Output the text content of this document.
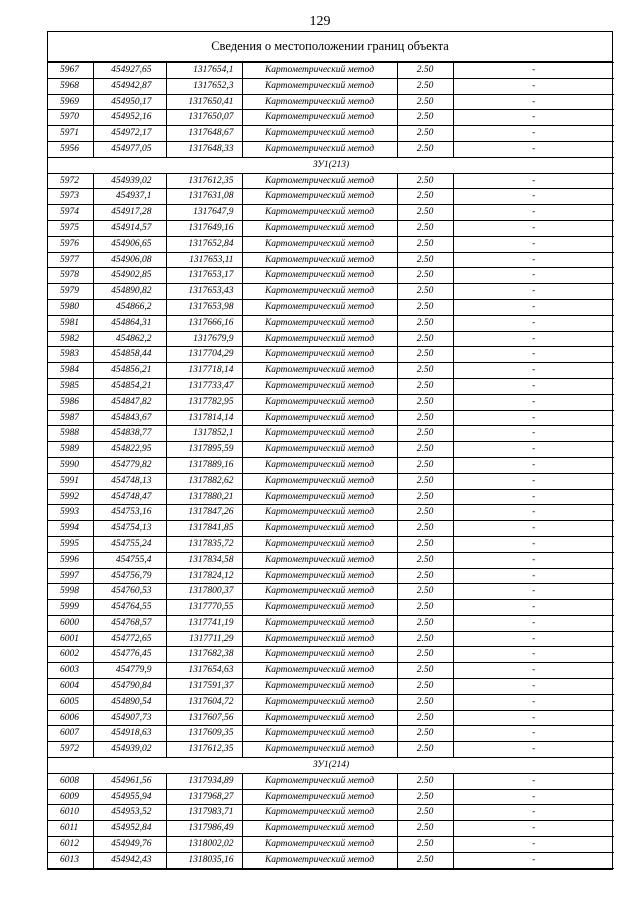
129
Сведения о местоположении границ объекта
5967	454927,65	1317654,1	Картометрический метод	2.50	-
5968	454942,87	1317652,3	Картометрический метод	2.50	-
5969	454950,17	1317650,41	Картометрический метод	2.50	-
5970	454952,16	1317650,07	Картометрический метод	2.50	-
5971	454972,17	1317648,67	Картометрический метод	2.50	-
5956	454977,05	1317648,33	Картометрический метод	2.50	-
ЗУ1(213)					
5972	454939,02	1317612,35	Картометрический метод	2.50	-
5973	454937,1	1317631,08	Картометрический метод	2.50	-
5974	454917,28	1317647,9	Картометрический метод	2.50	-
5975	454914,57	1317649,16	Картометрический метод	2.50	-
5976	454906,65	1317652,84	Картометрический метод	2.50	-
5977	454906,08	1317653,11	Картометрический метод	2.50	-
5978	454902,85	1317653,17	Картометрический метод	2.50	-
5979	454890,82	1317653,43	Картометрический метод	2.50	-
5980	454866,2	1317653,98	Картометрический метод	2.50	-
5981	454864,31	1317666,16	Картометрический метод	2.50	-
5982	454862,2	1317679,9	Картометрический метод	2.50	-
5983	454858,44	1317704,29	Картометрический метод	2.50	-
5984	454856,21	1317718,14	Картометрический метод	2.50	-
5985	454854,21	1317733,47	Картометрический метод	2.50	-
5986	454847,82	1317782,95	Картометрический метод	2.50	-
5987	454843,67	1317814,14	Картометрический метод	2.50	-
5988	454838,77	1317852,1	Картометрический метод	2.50	-
5989	454822,95	1317895,59	Картометрический метод	2.50	-
5990	454779,82	1317889,16	Картометрический метод	2.50	-
5991	454748,13	1317882,62	Картометрический метод	2.50	-
5992	454748,47	1317880,21	Картометрический метод	2.50	-
5993	454753,16	1317847,26	Картометрический метод	2.50	-
5994	454754,13	1317841,85	Картометрический метод	2.50	-
5995	454755,24	1317835,72	Картометрический метод	2.50	-
5996	454755,4	1317834,58	Картометрический метод	2.50	-
5997	454756,79	1317824,12	Картометрический метод	2.50	-
5998	454760,53	1317800,37	Картометрический метод	2.50	-
5999	454764,55	1317770,55	Картометрический метод	2.50	-
6000	454768,57	1317741,19	Картометрический метод	2.50	-
6001	454772,65	1317711,29	Картометрический метод	2.50	-
6002	454776,45	1317682,38	Картометрический метод	2.50	-
6003	454779,9	1317654,63	Картометрический метод	2.50	-
6004	454790,84	1317591,37	Картометрический метод	2.50	-
6005	454890,54	1317604,72	Картометрический метод	2.50	-
6006	454907,73	1317607,56	Картометрический метод	2.50	-
6007	454918,63	1317609,35	Картометрический метод	2.50	-
5972	454939,02	1317612,35	Картометрический метод	2.50	-
ЗУ1(214)					
6008	454961,56	1317934,89	Картометрический метод	2.50	-
6009	454955,94	1317968,27	Картометрический метод	2.50	-
6010	454953,52	1317983,71	Картометрический метод	2.50	-
6011	454952,84	1317986,49	Картометрический метод	2.50	-
6012	454949,76	1318002,02	Картометрический метод	2.50	-
6013	454942,43	1318035,16	Картометрический метод	2.50	-
